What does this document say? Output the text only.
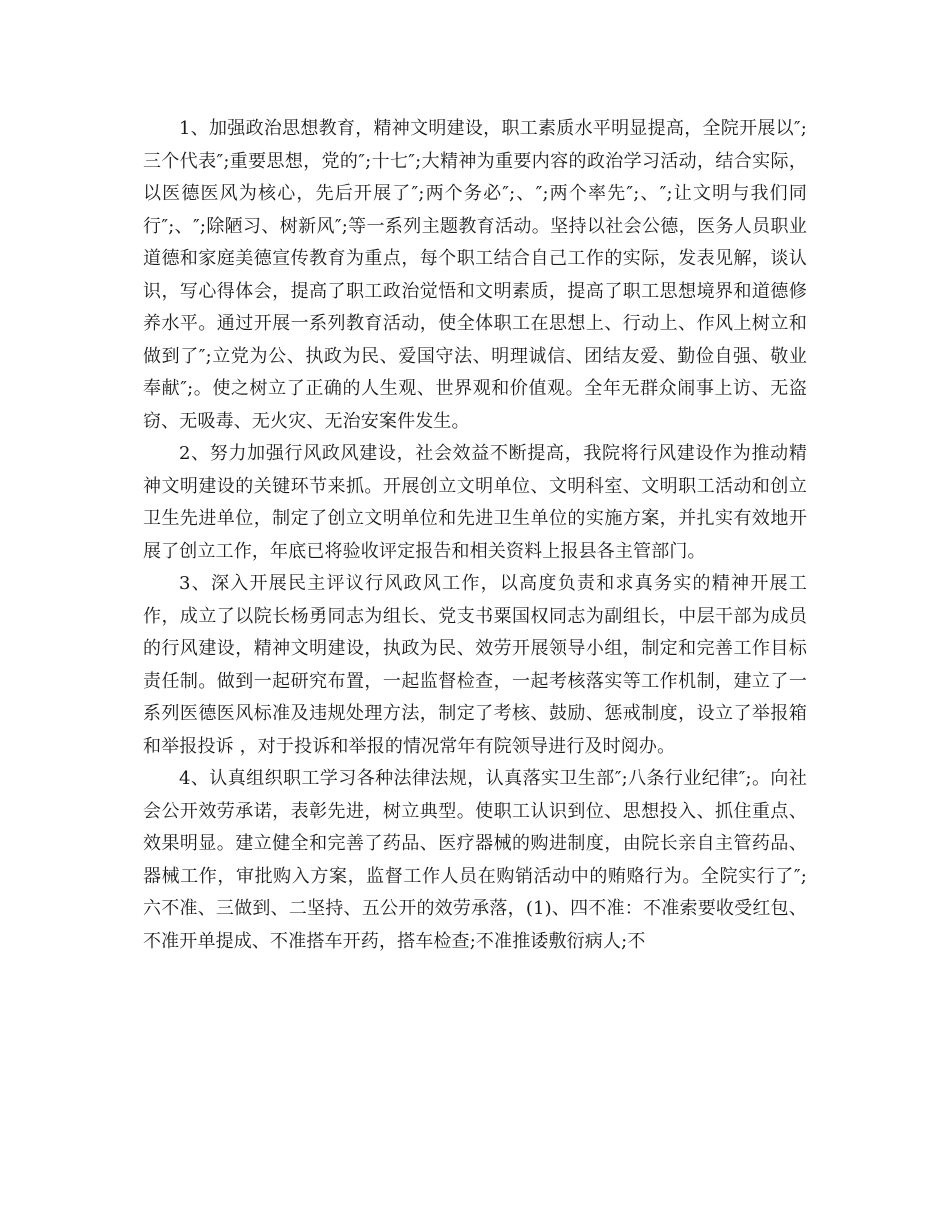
1、加强政治思想教育，精神文明建设，职工素质水平明显提高，全院开展以″;三个代表″;重要思想，党的″;十七″;大精神为重要内容的政治学习活动，结合实际，以医德医风为核心，先后开展了″;两个务必″;、″;两个率先″;、″;让文明与我们同行″;、″;除陋习、树新风″;等一系列主题教育活动。坚持以社会公德，医务人员职业道德和家庭美德宣传教育为重点，每个职工结合自己工作的实际，发表见解，谈认识，写心得体会，提高了职工政治觉悟和文明素质，提高了职工思想境界和道德修养水平。通过开展一系列教育活动，使全体职工在思想上、行动上、作风上树立和做到了″;立党为公、执政为民、爱国守法、明理诚信、团结友爱、勤俭自强、敬业奉献″;。使之树立了正确的人生观、世界观和价值观。全年无群众闹事上访、无盗窃、无吸毒、无火灾、无治安案件发生。

2、努力加强行风政风建设，社会效益不断提高，我院将行风建设作为推动精神文明建设的关键环节来抓。开展创立文明单位、文明科室、文明职工活动和创立卫生先进单位，制定了创立文明单位和先进卫生单位的实施方案，并扎实有效地开展了创立工作，年底已将验收评定报告和相关资料上报县各主管部门。

3、深入开展民主评议行风政风工作，以高度负责和求真务实的精神开展工作，成立了以院长杨勇同志为组长、党支书粟国权同志为副组长，中层干部为成员的行风建设，精神文明建设，执政为民、效劳开展领导小组，制定和完善工作目标责任制。做到一起研究布置，一起监督检查，一起考核落实等工作机制，建立了一系列医德医风标准及违规处理方法，制定了考核、鼓励、惩戒制度，设立了举报箱和举报投诉 ，对于投诉和举报的情况常年有院领导进行及时阅办。

4、认真组织职工学习各种法律法规，认真落实卫生部″;八条行业纪律″;。向社会公开效劳承诺，表彰先进，树立典型。使职工认识到位、思想投入、抓住重点、效果明显。建立健全和完善了药品、医疗器械的购进制度，由院长亲自主管药品、器械工作，审批购入方案，监督工作人员在购销活动中的贿赂行为。全院实行了″;六不准、三做到、二坚持、五公开的效劳承落，(1)、四不准：不准索要收受红包、不准开单提成、不准搭车开药，搭车检查;不准推诿敷衍病人;不
